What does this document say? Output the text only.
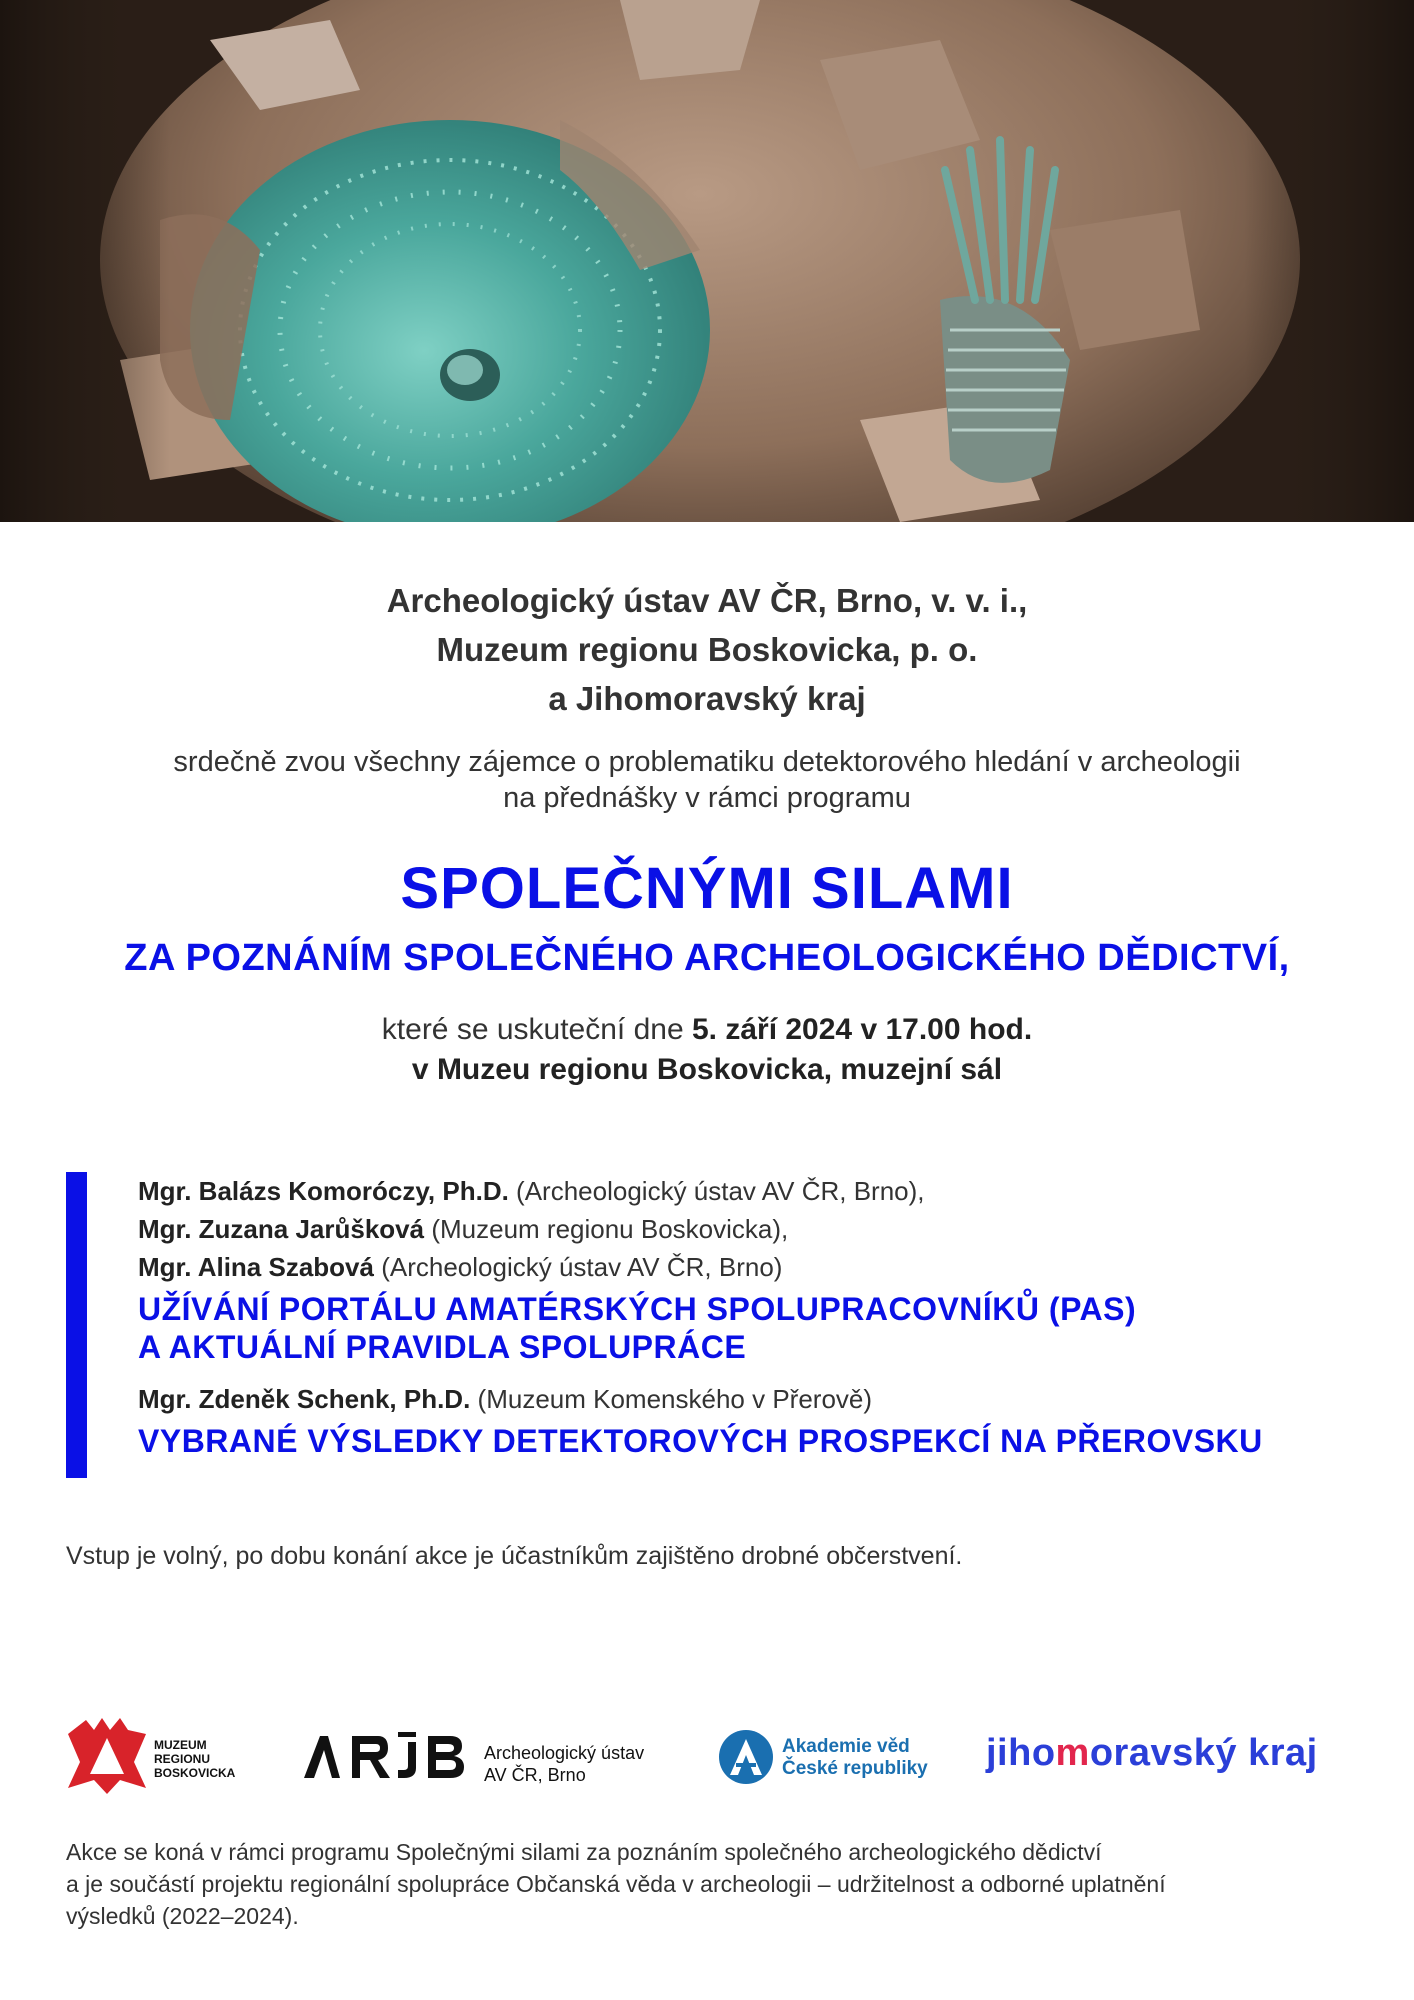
Archeologický ústav AV ČR, Brno, v. v. i.,
Muzeum regionu Boskovicka, p. o.
a Jihomoravský kraj
srdečně zvou všechny zájemce o problematiku detektorového hledání v archeologii
na přednášky v rámci programu
SPOLEČNÝMI SILAMI
ZA POZNÁNÍM SPOLEČNÉHO ARCHEOLOGICKÉHO DĚDICTVÍ,
které se uskuteční dne 5. září 2024 v 17.00 hod.
v Muzeu regionu Boskovicka, muzejní sál
Mgr. Balázs Komoróczy, Ph.D. (Archeologický ústav AV ČR, Brno),
Mgr. Zuzana Jarůšková (Muzeum regionu Boskovicka),
Mgr. Alina Szabová (Archeologický ústav AV ČR, Brno)
UŽÍVÁNÍ PORTÁLU AMATÉRSKÝCH SPOLUPRACOVNÍKŮ (PAS)
A AKTUÁLNÍ PRAVIDLA SPOLUPRÁCE
Mgr. Zdeněk Schenk, Ph.D. (Muzeum Komenského v Přerově)
VYBRANÉ VÝSLEDKY DETEKTOROVÝCH PROSPEKCÍ NA PŘEROVSKU
Vstup je volný, po dobu konání akce je účastníkům zajištěno drobné občerstvení.
MUZEUM
REGIONU
BOSKOVICKA
Archeologický ústav
AV ČR, Brno
Akademie věd
České republiky jihomoravský kraj
Akce se koná v rámci programu Společnými silami za poznáním společného archeologického dědictví
a je součástí projektu regionální spolupráce Občanská věda v archeologii – udržitelnost a odborné uplatnění
výsledků (2022–2024).
